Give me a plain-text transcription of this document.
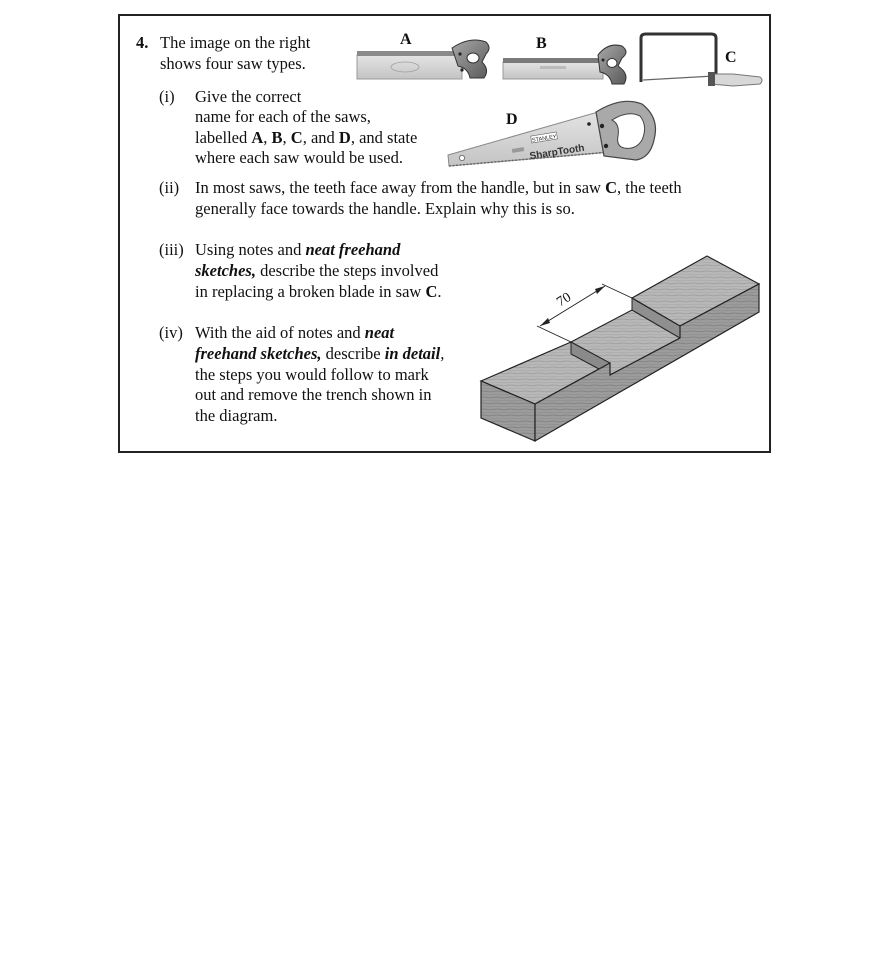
4. The image on the right
shows four saw types.
(i) Give the correct
name for each of the saws,
labelled A, B, C, and D, and state
where each saw would be used.
(ii) In most saws, the teeth face away from the handle, but in saw C, the teeth
generally face towards the handle. Explain why this is so.
(iii) Using notes and neat freehand
sketches, describe the steps involved
in replacing a broken blade in saw C.
(iv) With the aid of notes and neat
freehand sketches, describe in detail,
the steps you would follow to mark
out and remove the trench shown in
the diagram.
A	B
C
D
STANLEY
SharpTooth
70
